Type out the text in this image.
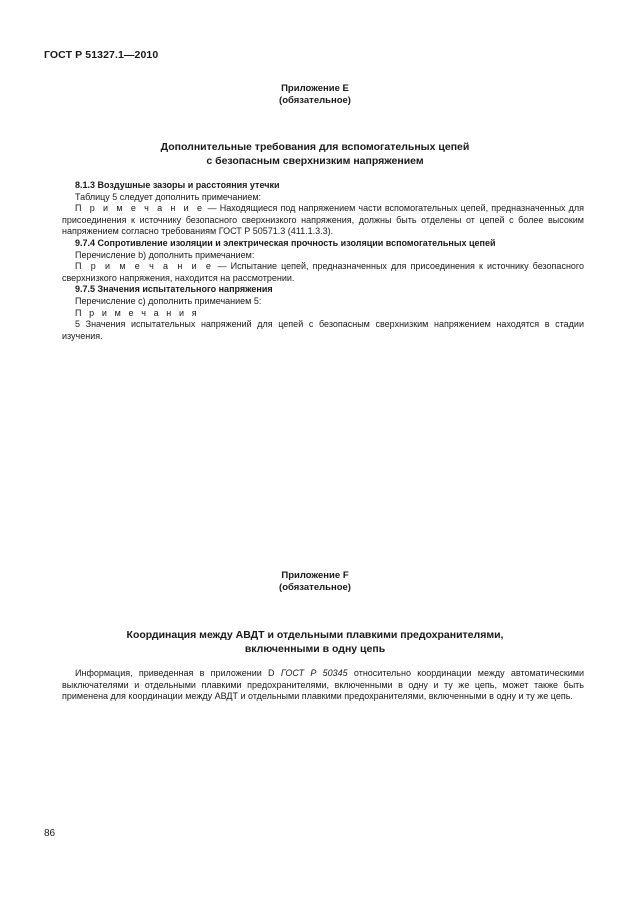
ГОСТ Р 51327.1—2010
Приложение Е
(обязательное)
Дополнительные требования для вспомогательных цепей
с безопасным сверхнизким напряжением

8.1.3 Воздушные зазоры и расстояния утечки

Таблицу 5 следует дополнить примечанием:

П р и м е ч а н и е — Находящиеся под напряжением части вспомогательных цепей, предназначенных для присоединения к источнику безопасного сверхнизкого напряжения, должны быть отделены от цепей с более высоким напряжением согласно требованиям ГОСТ Р 50571.3 (411.1.3.3).

9.7.4 Сопротивление изоляции и электрическая прочность изоляции вспомогательных цепей

Перечисление b) дополнить примечанием:

П р и м е ч а н и е — Испытание цепей, предназначенных для присоединения к источнику безопасного сверхнизкого напряжения, находится на рассмотрении.

9.7.5 Значения испытательного напряжения

Перечисление с) дополнить примечанием 5:

П р и м е ч а н и я

5 Значения испытательных напряжений для цепей с безопасным сверхнизким напряжением находятся в стадии изучения.

Приложение F
(обязательное)
Координация между АВДТ и отдельными плавкими предохранителями,
включенными в одну цепь

Информация, приведенная в приложении D ГОСТ Р 50345 относительно координации между автоматическими выключателями и отдельными плавкими предохранителями, включенными в одну и ту же цепь, может также быть применена для координации между АВДТ и отдельными плавкими предохранителями, включенными в одну и ту же цепь.

86
